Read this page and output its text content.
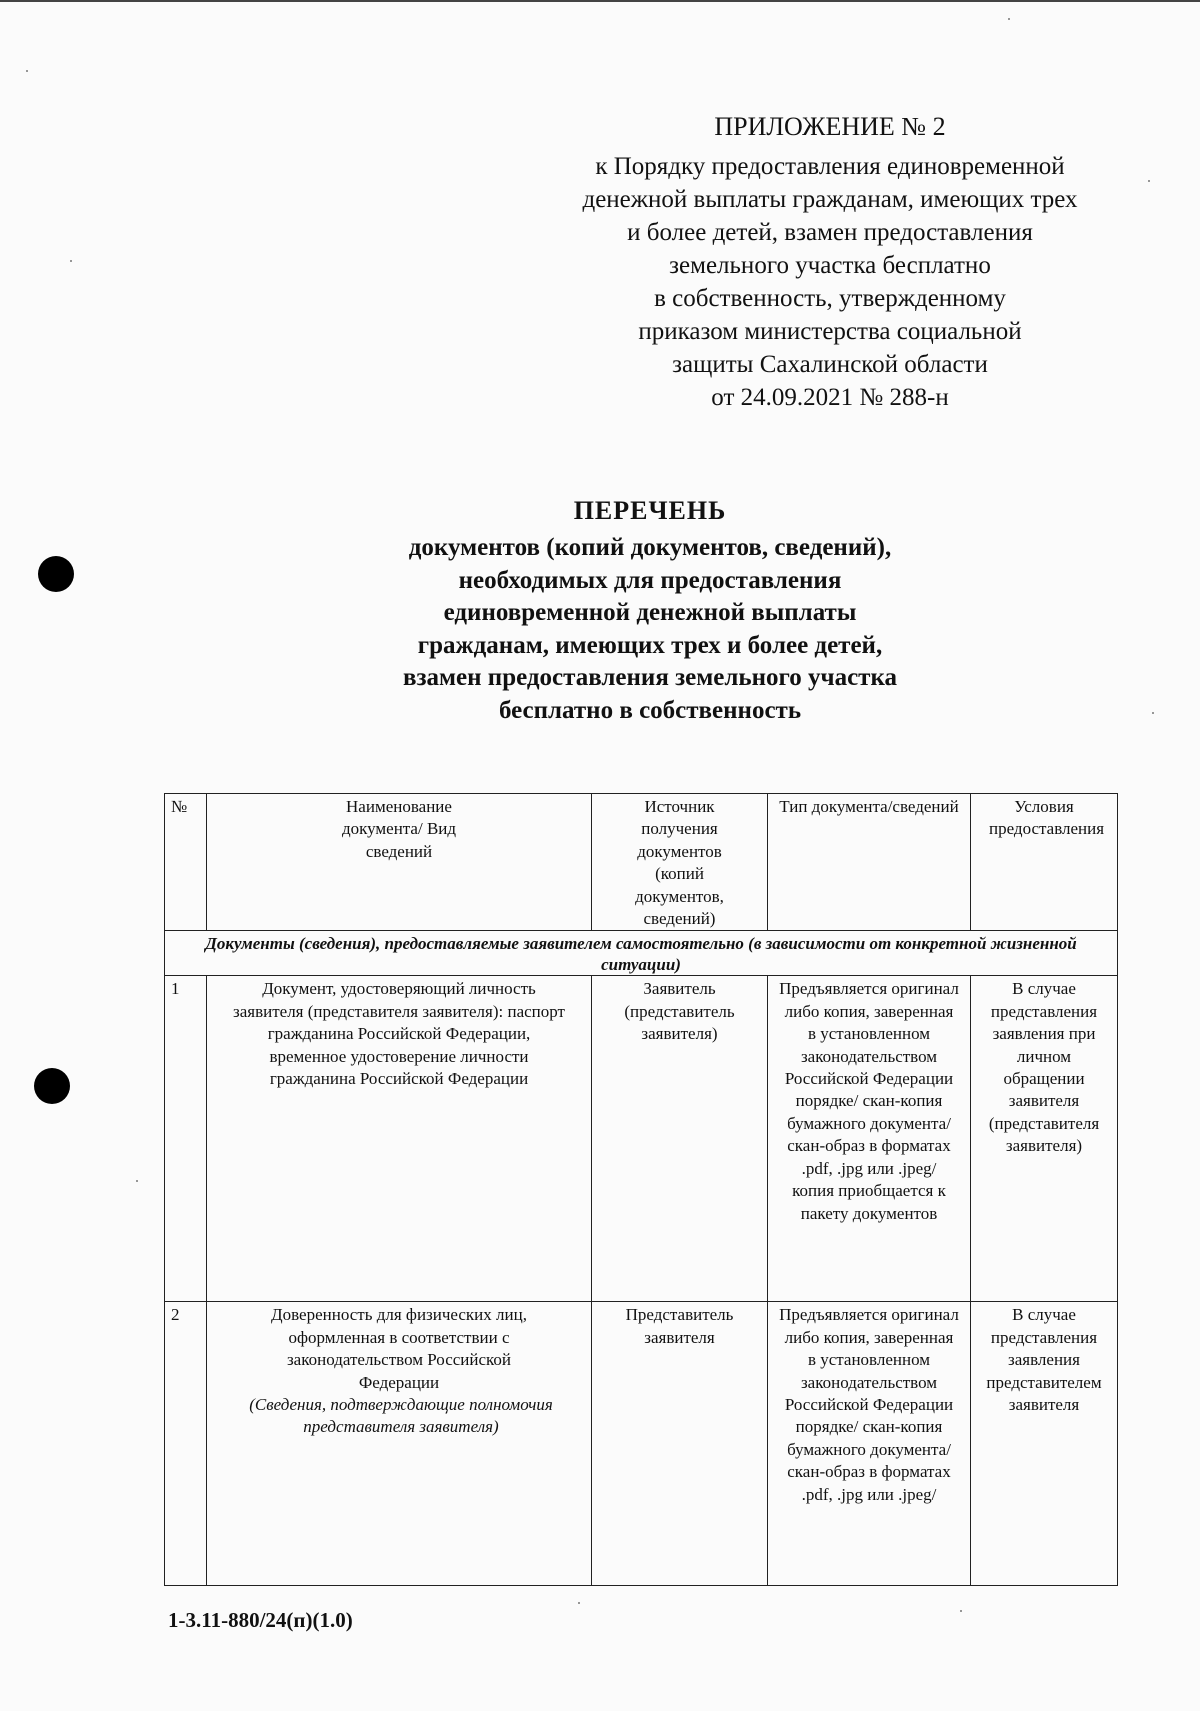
ПРИЛОЖЕНИЕ № 2
к Порядку предоставления единовременной
денежной выплаты гражданам, имеющих трех
и более детей, взамен предоставления
земельного участка бесплатно
в собственность, утвержденному
приказом министерства социальной
защиты Сахалинской области
от 24.09.2021 № 288-н
ПЕРЕЧЕНЬ
документов (копий документов, сведений),
необходимых для предоставления
единовременной денежной выплаты
гражданам, имеющих трех и более детей,
взамен предоставления земельного участка
бесплатно в собственность
№	Наименование документа/ Вид сведений	Источник получения документов (копий документов, сведений)	Тип документа/сведений	Условия предоставления

Документы (сведения), предоставляемые заявителем самостоятельно (в зависимости от конкретной жизненной ситуации)				
1	Документ, удостоверяющий личность заявителя (представителя заявителя): паспорт гражданина Российской Федерации, временное удостоверение личности гражданина Российской Федерации	Заявитель (представитель заявителя)	Предъявляется оригинал либо копия, заверенная в установленном законодательством Российской Федерации порядке/ скан-копия бумажного документа/скан-образ в форматах .pdf, .jpg или .jpeg/ копия приобщается к пакету документов	В случае представления заявления при личном обращении заявителя (представителя заявителя)

2	Доверенность для физических лиц, оформленная в соответствии с законодательством Российской Федерации
(Сведения, подтверждающие полномочия представителя заявителя)	Представитель заявителя	Предъявляется оригинал либо копия, заверенная в установленном законодательством Российской Федерации порядке/ скан-копия бумажного документа/скан-образ в форматах .pdf, .jpg или .jpeg/	В случае представления заявления представителем заявителя
1-3.11-880/24(п)(1.0)
